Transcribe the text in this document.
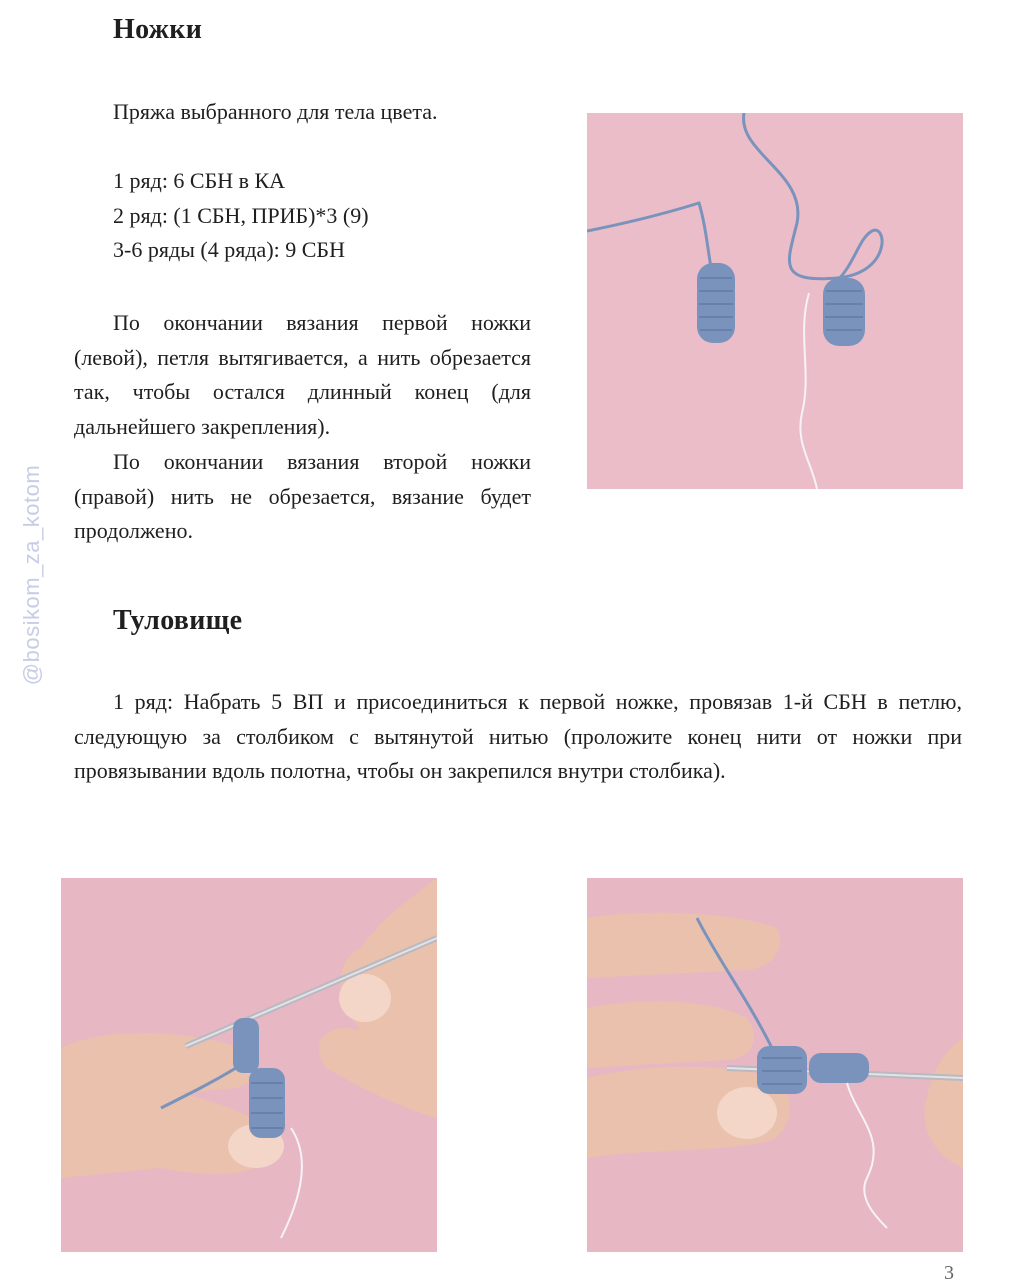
@bosikom_za_kotom
Ножки

Пряжа выбранного для тела цвета.

1 ряд: 6 СБН в КА
2 ряд: (1 СБН, ПРИБ)*3 (9)
3-6 ряды (4 ряда): 9 СБН

По окончании вязания первой ножки (левой), петля вытягивается, а нить обрезается так, чтобы остался длинный конец (для дальнейшего закрепления).

По окончании вязания второй ножки (правой) нить не обрезается, вязание будет продолжено.

Туловище

1 ряд: Набрать 5 ВП и присоединиться к первой ножке, провязав 1-й СБН в петлю, следующую за столбиком с вытянутой нитью (проложите конец нити от ножки при провязывании вдоль полотна, чтобы он закрепился внутри столбика).

3
